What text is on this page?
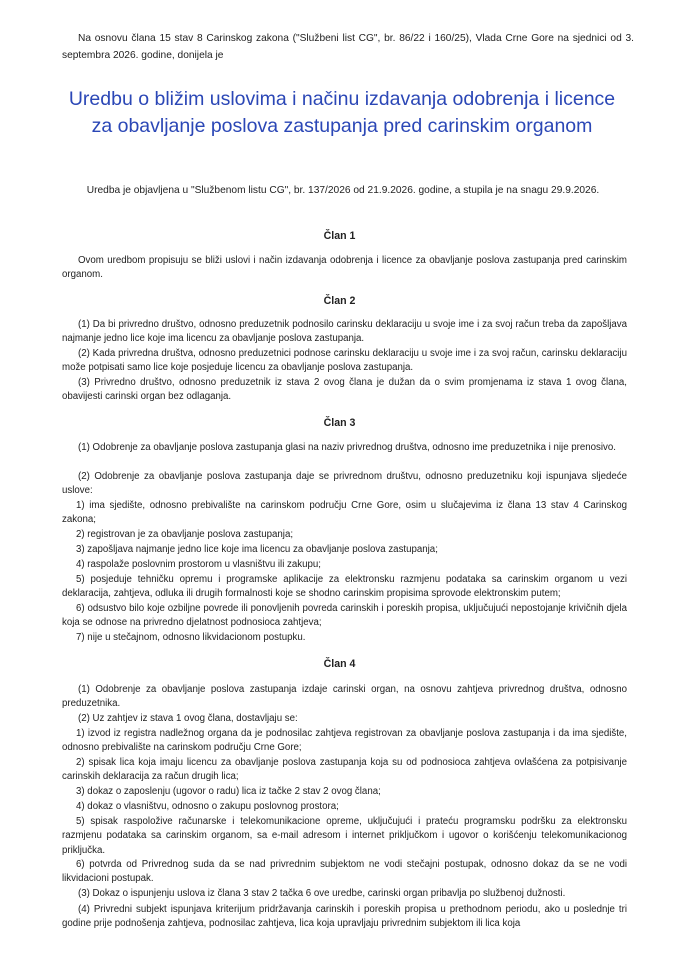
Na osnovu člana 15 stav 8 Carinskog zakona ("Službeni list CG", br. 86/22 i 160/25), Vlada Crne Gore na sjednici od 3. septembra 2026. godine, donijela je

Uredbu o bližim uslovima i načinu izdavanja odobrenja i licence za obavljanje poslova zastupanja pred carinskim organom

Uredba je objavljena u "Službenom listu CG", br. 137/2026 od 21.9.2026. godine, a stupila je na snagu 29.9.2026.

Član 1

Ovom uredbom propisuju se bliži uslovi i način izdavanja odobrenja i licence za obavljanje poslova zastupanja pred carinskim organom.

Član 2

(1) Da bi privredno društvo, odnosno preduzetnik podnosilo carinsku deklaraciju u svoje ime i za svoj račun treba da zapošljava najmanje jedno lice koje ima licencu za obavljanje poslova zastupanja.

(2) Kada privredna društva, odnosno preduzetnici podnose carinsku deklaraciju u svoje ime i za svoj račun, carinsku deklaraciju može potpisati samo lice koje posjeduje licencu za obavljanje poslova zastupanja.

(3) Privredno društvo, odnosno preduzetnik iz stava 2 ovog člana je dužan da o svim promjenama iz stava 1 ovog člana, obavijesti carinski organ bez odlaganja.

Član 3

(1) Odobrenje za obavljanje poslova zastupanja glasi na naziv privrednog društva, odnosno ime preduzetnika i nije prenosivo.

(2) Odobrenje za obavljanje poslova zastupanja daje se privrednom društvu, odnosno preduzetniku koji ispunjava sljedeće uslove:

1) ima sjedište, odnosno prebivalište na carinskom području Crne Gore, osim u slučajevima iz člana 13 stav 4 Carinskog zakona;

2) registrovan je za obavljanje poslova zastupanja;

3) zapošljava najmanje jedno lice koje ima licencu za obavljanje poslova zastupanja;

4) raspolaže poslovnim prostorom u vlasništvu ili zakupu;

5) posjeduje tehničku opremu i programske aplikacije za elektronsku razmjenu podataka sa carinskim organom u vezi deklaracija, zahtjeva, odluka ili drugih formalnosti koje se shodno carinskim propisima sprovode elektronskim putem;

6) odsustvo bilo koje ozbiljne povrede ili ponovljenih povreda carinskih i poreskih propisa, uključujući nepostojanje krivičnih djela koja se odnose na privredno djelatnost podnosioca zahtjeva;

7) nije u stečajnom, odnosno likvidacionom postupku.

Član 4

(1) Odobrenje za obavljanje poslova zastupanja izdaje carinski organ, na osnovu zahtjeva privrednog društva, odnosno preduzetnika.

(2) Uz zahtjev iz stava 1 ovog člana, dostavljaju se:

1) izvod iz registra nadležnog organa da je podnosilac zahtjeva registrovan za obavljanje poslova zastupanja i da ima sjedište, odnosno prebivalište na carinskom području Crne Gore;

2) spisak lica koja imaju licencu za obavljanje poslova zastupanja koja su od podnosioca zahtjeva ovlašćena za potpisivanje carinskih deklaracija za račun drugih lica;

3) dokaz o zaposlenju (ugovor o radu) lica iz tačke 2 stav 2 ovog člana;

4) dokaz o vlasništvu, odnosno o zakupu poslovnog prostora;

5) spisak raspoložive računarske i telekomunikacione opreme, uključujući i prateću programsku podršku za elektronsku razmjenu podataka sa carinskim organom, sa e-mail adresom i internet priključkom i ugovor o korišćenju telekomunikacionog priključka.

6) potvrda od Privrednog suda da se nad privrednim subjektom ne vodi stečajni postupak, odnosno dokaz da se ne vodi likvidacioni postupak.

(3) Dokaz o ispunjenju uslova iz člana 3 stav 2 tačka 6 ove uredbe, carinski organ pribavlja po službenoj dužnosti.

(4) Privredni subjekt ispunjava kriterijum pridržavanja carinskih i poreskih propisa u prethodnom periodu, ako u poslednje tri godine prije podnošenja zahtjeva, podnosilac zahtjeva, lica koja upravljaju privrednim subjektom ili lica koja
